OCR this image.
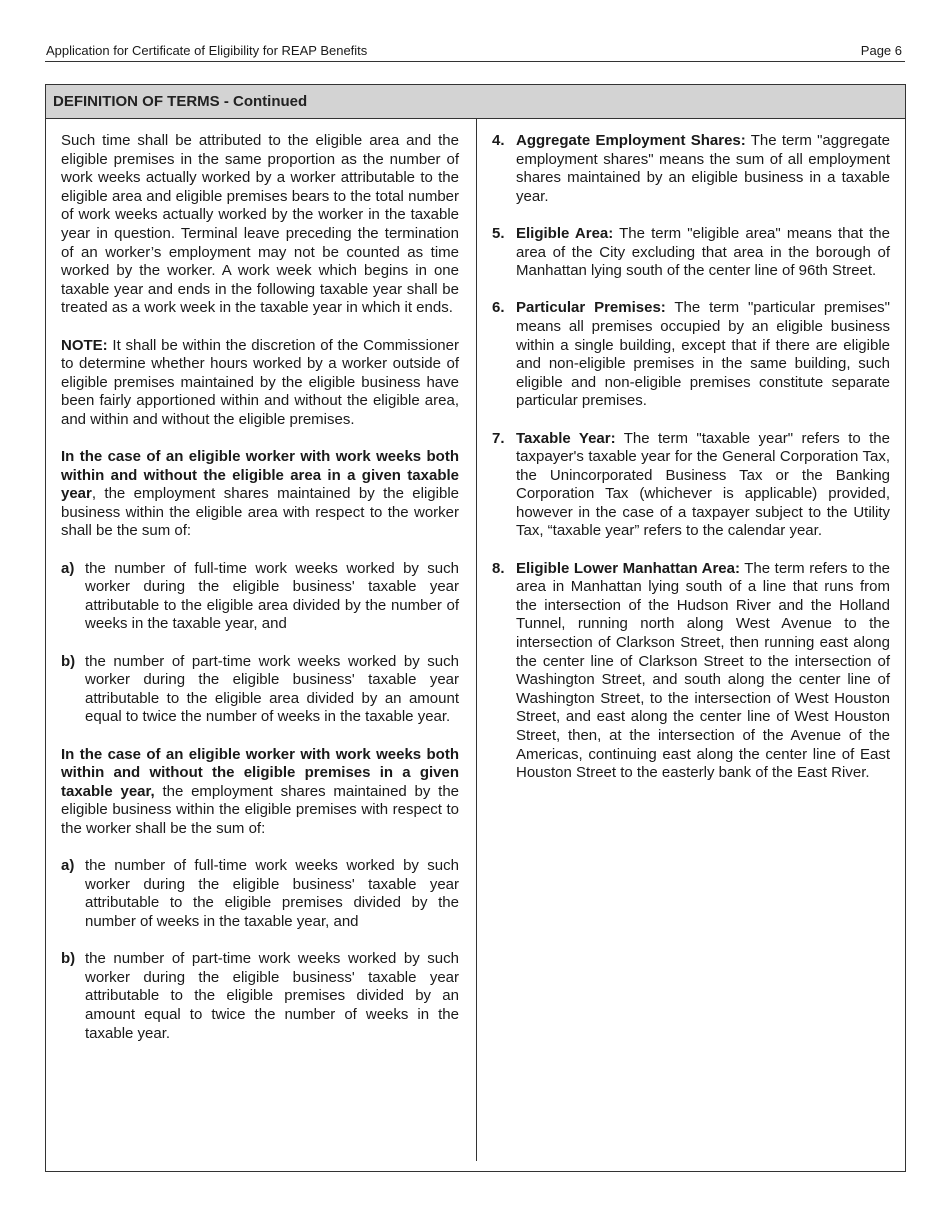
Application for Certificate of Eligibility for REAP Benefits	Page 6
DEFINITION OF TERMS - Continued

Such time shall be attributed to the eligible area and the eligible premises in the same proportion as the number of work weeks actually worked by a worker attributable to the eligible area and eligible premises bears to the total number of work weeks actually worked by the worker in the taxable year in question. Terminal leave preceding the termination of an worker’s employment may not be counted as time worked by the worker. A work week which begins in one taxable year and ends in the following taxable year shall be treated as a work week in the taxable year in which it ends.

NOTE: It shall be within the discretion of the Commissioner to determine whether hours worked by a worker outside of eligible premises maintained by the eligible business have been fairly apportioned within and without the eligible area, and within and without the eligible premises.

In the case of an eligible worker with work weeks both within and without the eligible area in a given taxable year, the employment shares maintained by the eligible business within the eligible area with respect to the worker shall be the sum of:

a) the number of full-time work weeks worked by such worker during the eligible business' taxable year attributable to the eligible area divided by the number of weeks in the taxable year, and

b) the number of part-time work weeks worked by such worker during the eligible business' taxable year attributable to the eligible area divided by an amount equal to twice the number of weeks in the taxable year.

In the case of an eligible worker with work weeks both within and without the eligible premises in a given taxable year, the employment shares maintained by the eligible business within the eligible premises with respect to the worker shall be the sum of:

a) the number of full-time work weeks worked by such worker during the eligible business' taxable year attributable to the eligible premises divided by the number of weeks in the taxable year, and

b) the number of part-time work weeks worked by such worker during the eligible business' taxable year attributable to the eligible premises divided by an amount equal to twice the number of weeks in the taxable year.

4. Aggregate Employment Shares: The term "aggregate employment shares" means the sum of all employment shares maintained by an eligible business in a taxable year.

5. Eligible Area: The term "eligible area" means that the area of the City excluding that area in the borough of Manhattan lying south of the center line of 96th Street.

6. Particular Premises: The term "particular premises" means all premises occupied by an eligible business within a single building, except that if there are eligible and non-eligible premises in the same building, such eligible and non-eligible premises constitute separate particular premises.

7. Taxable Year: The term "taxable year" refers to the taxpayer's taxable year for the General Corporation Tax, the Unincorporated Business Tax or the Banking Corporation Tax (whichever is applicable) provided, however in the case of a taxpayer subject to the Utility Tax, “taxable year” refers to the calendar year.

8. Eligible Lower Manhattan Area: The term refers to the area in Manhattan lying south of a line that runs from the intersection of the Hudson River and the Holland Tunnel, running north along West Avenue to the intersection of Clarkson Street, then running east along the center line of Clarkson Street to the intersection of Washington Street, and south along the center line of Washington Street, to the intersection of West Houston Street, and east along the center line of West Houston Street, then, at the intersection of the Avenue of the Americas, continuing east along the center line of East Houston Street to the easterly bank of the East River.
